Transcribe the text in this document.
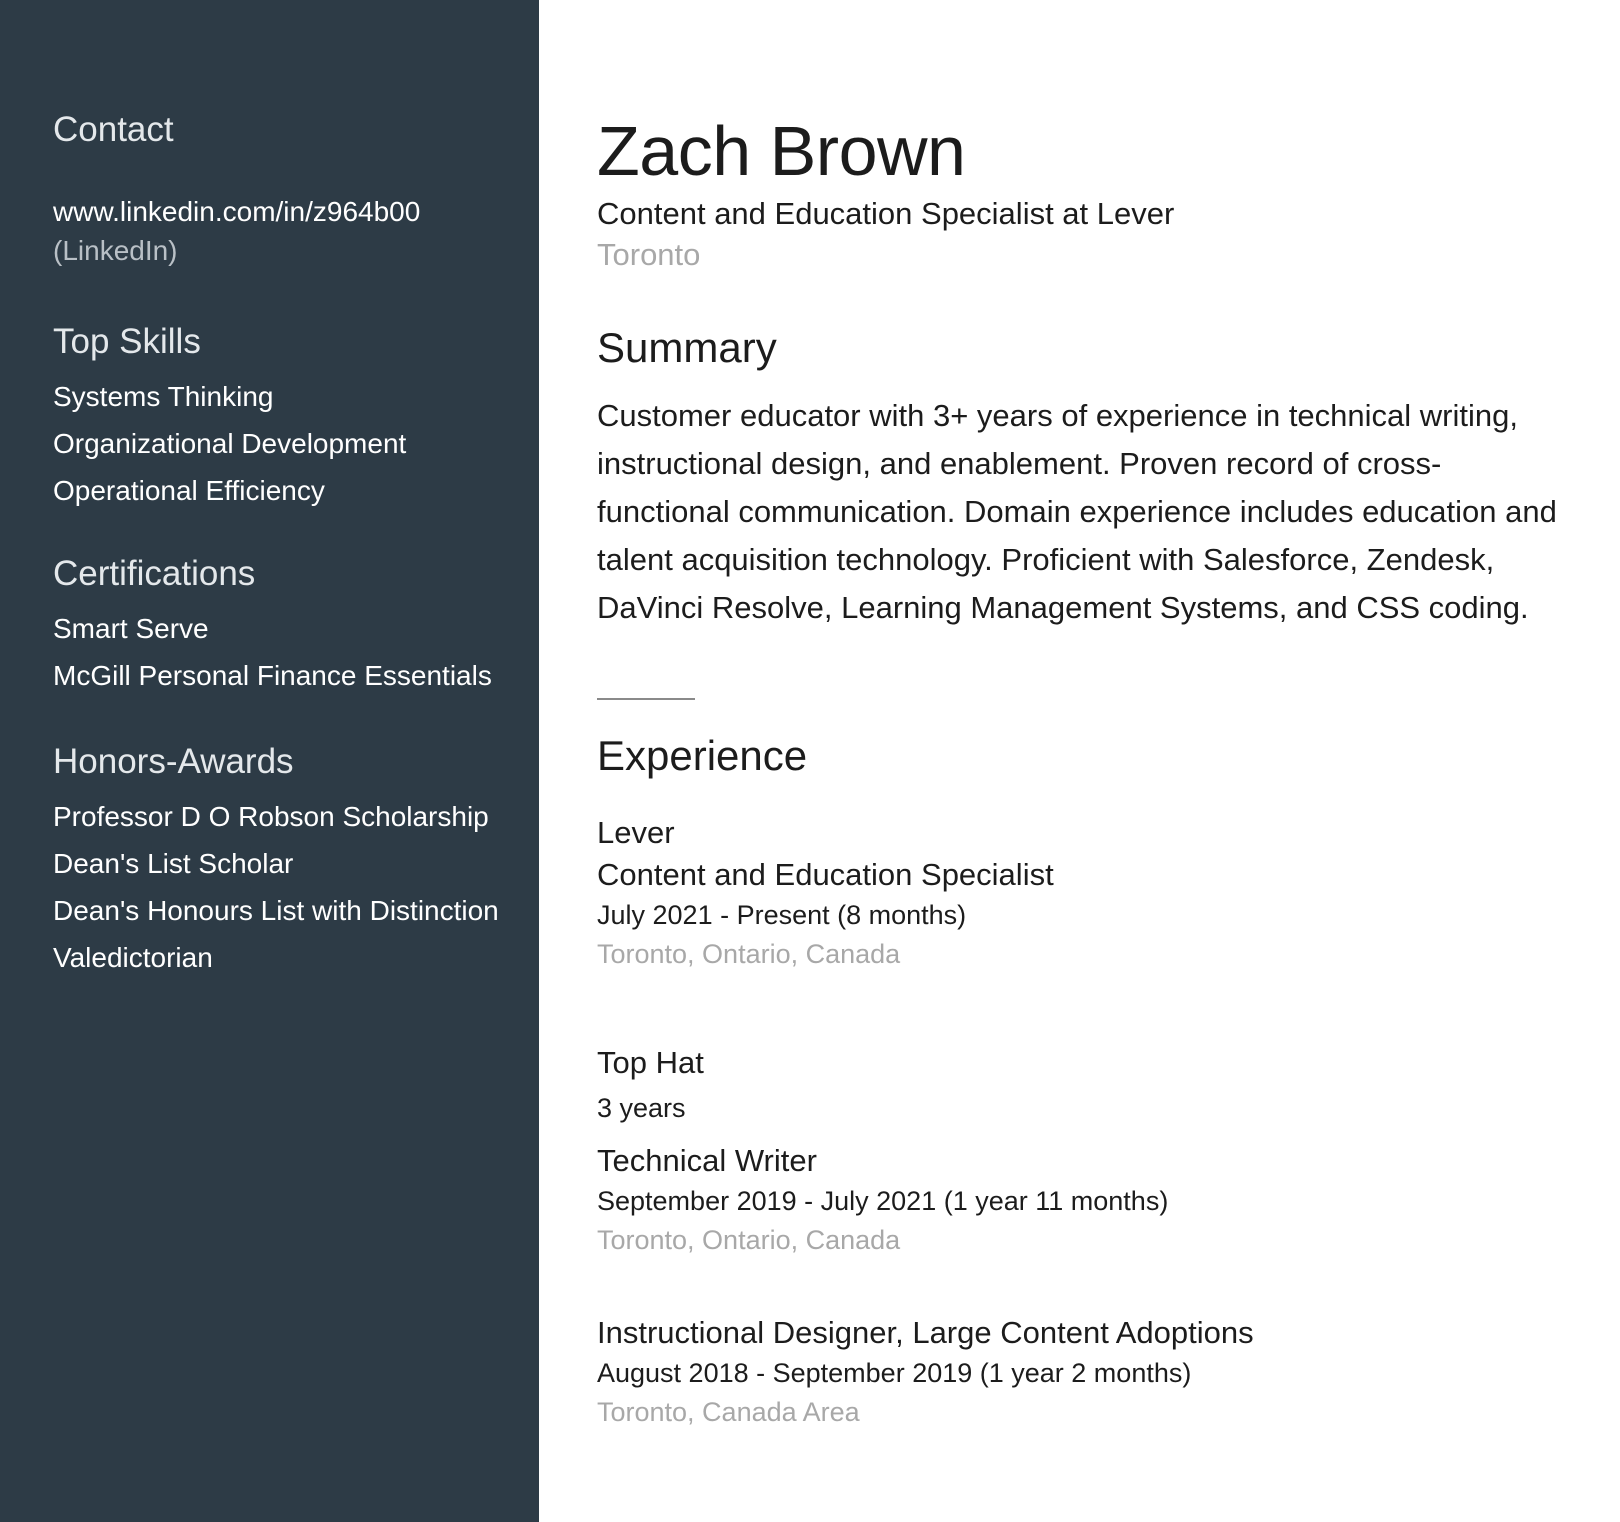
Contact
www.linkedin.com/in/z964b00
(LinkedIn)
Top Skills
Systems Thinking
Organizational Development
Operational Efficiency
Certifications
Smart Serve
McGill Personal Finance Essentials
Honors-Awards
Professor D O Robson Scholarship
Dean's List Scholar
Dean's Honours List with Distinction
Valedictorian
Zach Brown
Content and Education Specialist at Lever
Toronto
Summary

Customer educator with 3+ years of experience in technical writing, instructional design, and enablement. Proven record of cross-functional communication. Domain experience includes education and talent acquisition technology. Proficient with Salesforce, Zendesk, DaVinci Resolve, Learning Management Systems, and CSS coding.

Experience
Lever
Content and Education Specialist
July 2021 - Present (8 months)
Toronto, Ontario, Canada
Top Hat
3 years
Technical Writer
September 2019 - July 2021 (1 year 11 months)
Toronto, Ontario, Canada
Instructional Designer, Large Content Adoptions
August 2018 - September 2019 (1 year 2 months)
Toronto, Canada Area
